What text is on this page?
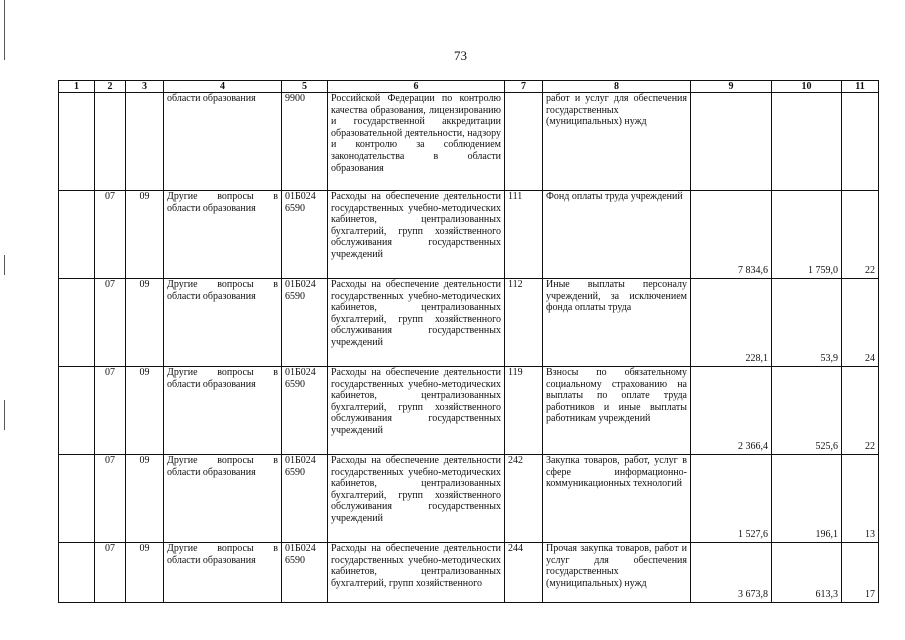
73
1	2	3	4	5	6	7	8	9	10	11
			области образования	9900	Российской Федерации по контролю качества образования, лицензированию и государственной аккредитации образовательной деятельности, надзору и контролю за соблюдением законодательства в области образования		работ и услуг для обеспечения государственных (муниципальных) нужд			
	07	09	Другие вопросы в области образования	01Б024 6590	Расходы на обеспечение деятельности государственных учебно-методических кабинетов, централизованных бухгалтерий, групп хозяйственного обслуживания государственных учреждений	111	Фонд оплаты труда учреждений	7 834,6	1 759,0	22
	07	09	Другие вопросы в области образования	01Б024 6590	Расходы на обеспечение деятельности государственных учебно-методических кабинетов, централизованных бухгалтерий, групп хозяйственного обслуживания государственных учреждений	112	Иные выплаты персоналу учреждений, за исключением фонда оплаты труда	228,1	53,9	24
	07	09	Другие вопросы в области образования	01Б024 6590	Расходы на обеспечение деятельности государственных учебно-методических кабинетов, централизованных бухгалтерий, групп хозяйственного обслуживания государственных учреждений	119	Взносы по обязательному социальному страхованию на выплаты по оплате труда работников и иные выплаты работникам учреждений	2 366,4	525,6	22
	07	09	Другие вопросы в области образования	01Б024 6590	Расходы на обеспечение деятельности государственных учебно-методических кабинетов, централизованных бухгалтерий, групп хозяйственного обслуживания государственных учреждений	242	Закупка товаров, работ, услуг в сфере информационно-коммуникационных технологий	1 527,6	196,1	13
	07	09	Другие вопросы в области образования	01Б024 6590	Расходы на обеспечение деятельности государственных учебно-методических кабинетов, централизованных бухгалтерий, групп хозяйственного	244	Прочая закупка товаров, работ и услуг для обеспечения государственных (муниципальных) нужд	3 673,8	613,3	17
